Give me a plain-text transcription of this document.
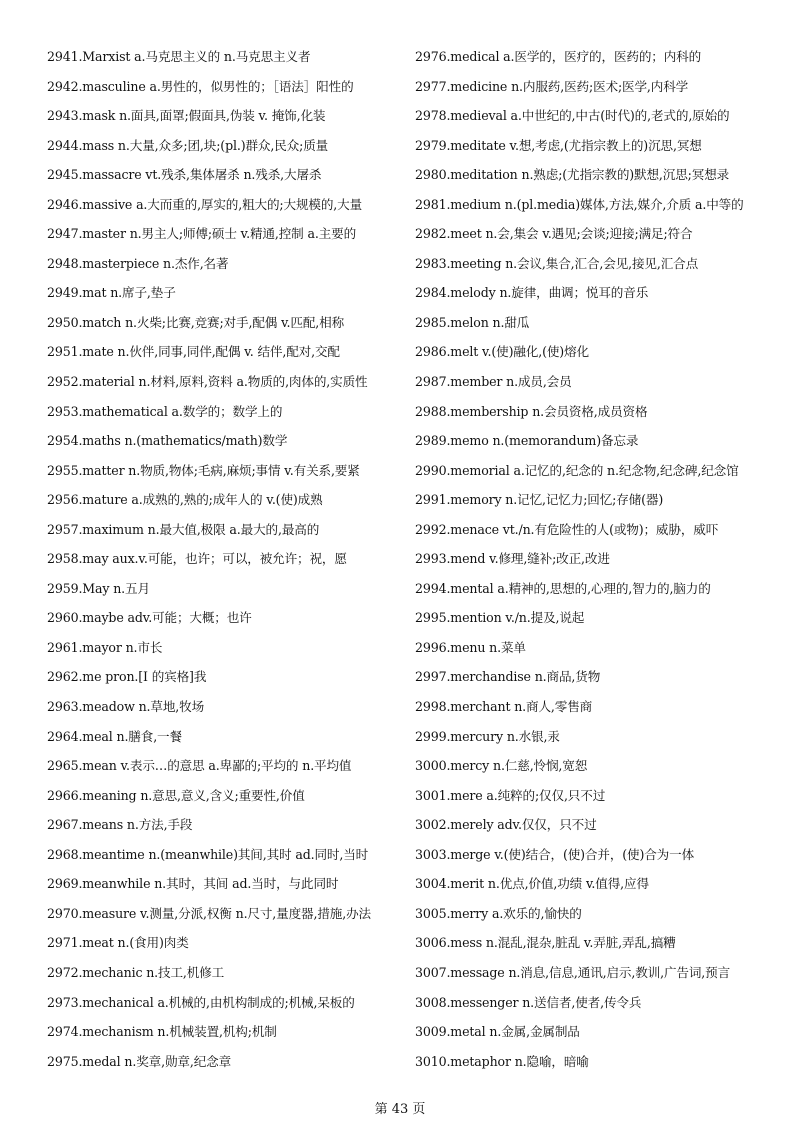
2941.Marxist a.马克思主义的 n.马克思主义者
2942.masculine a.男性的，似男性的；［语法］阳性的
2943.mask n.面具,面罩;假面具,伪装 v. 掩饰,化装
2944.mass n.大量,众多;团,块;(pl.)群众,民众;质量
2945.massacre vt.残杀,集体屠杀 n.残杀,大屠杀
2946.massive a.大而重的,厚实的,粗大的;大规模的,大量
2947.master n.男主人;师傅;硕士 v.精通,控制 a.主要的
2948.masterpiece n.杰作,名著
2949.mat n.席子,垫子
2950.match n.火柴;比赛,竞赛;对手,配偶 v.匹配,相称
2951.mate n.伙伴,同事,同伴,配偶 v. 结伴,配对,交配
2952.material n.材料,原料,资料 a.物质的,肉体的,实质性
2953.mathematical a.数学的；数学上的
2954.maths n.(mathematics/math)数学
2955.matter n.物质,物体;毛病,麻烦;事情 v.有关系,要紧
2956.mature a.成熟的,熟的;成年人的 v.(使)成熟
2957.maximum n.最大值,极限 a.最大的,最高的
2958.may aux.v.可能，也许；可以，被允许；祝，愿
2959.May n.五月
2960.maybe adv.可能；大概；也许
2961.mayor n.市长
2962.me pron.[I 的宾格]我
2963.meadow n.草地,牧场
2964.meal n.膳食,一餐
2965.mean v.表示…的意思 a.卑鄙的;平均的 n.平均值
2966.meaning n.意思,意义,含义;重要性,价值
2967.means n.方法,手段
2968.meantime n.(meanwhile)其间,其时 ad.同时,当时
2969.meanwhile n.其时，其间 ad.当时，与此同时
2970.measure v.测量,分派,权衡 n.尺寸,量度器,措施,办法
2971.meat n.(食用)肉类
2972.mechanic n.技工,机修工
2973.mechanical a.机械的,由机构制成的;机械,呆板的
2974.mechanism n.机械装置,机构;机制
2975.medal n.奖章,勋章,纪念章
2976.medical a.医学的，医疗的，医药的；内科的
2977.medicine n.内服药,医药;医术;医学,内科学
2978.medieval a.中世纪的,中古(时代)的,老式的,原始的
2979.meditate v.想,考虑,(尤指宗教上的)沉思,冥想
2980.meditation n.熟虑;(尤指宗教的)默想,沉思;冥想录
2981.medium n.(pl.media)媒体,方法,媒介,介质 a.中等的
2982.meet n.会,集会 v.遇见;会谈;迎接;满足;符合
2983.meeting n.会议,集合,汇合,会见,接见,汇合点
2984.melody n.旋律，曲调；悦耳的音乐
2985.melon n.甜瓜
2986.melt v.(使)融化,(使)熔化
2987.member n.成员,会员
2988.membership n.会员资格,成员资格
2989.memo n.(memorandum)备忘录
2990.memorial a.记忆的,纪念的 n.纪念物,纪念碑,纪念馆
2991.memory n.记忆,记忆力;回忆;存储(器)
2992.menace vt./n.有危险性的人(或物)；威胁，威吓
2993.mend v.修理,缝补;改正,改进
2994.mental a.精神的,思想的,心理的,智力的,脑力的
2995.mention v./n.提及,说起
2996.menu n.菜单
2997.merchandise n.商品,货物
2998.merchant n.商人,零售商
2999.mercury n.水银,汞
3000.mercy n.仁慈,怜悯,宽恕
3001.mere a.纯粹的;仅仅,只不过
3002.merely adv.仅仅，只不过
3003.merge v.(使)结合，(使)合并，(使)合为一体
3004.merit n.优点,价值,功绩 v.值得,应得
3005.merry a.欢乐的,愉快的
3006.mess n.混乱,混杂,脏乱 v.弄脏,弄乱,搞糟
3007.message n.消息,信息,通讯,启示,教训,广告词,预言
3008.messenger n.送信者,使者,传令兵
3009.metal n.金属,金属制品
3010.metaphor n.隐喻，暗喻
第 43 页
